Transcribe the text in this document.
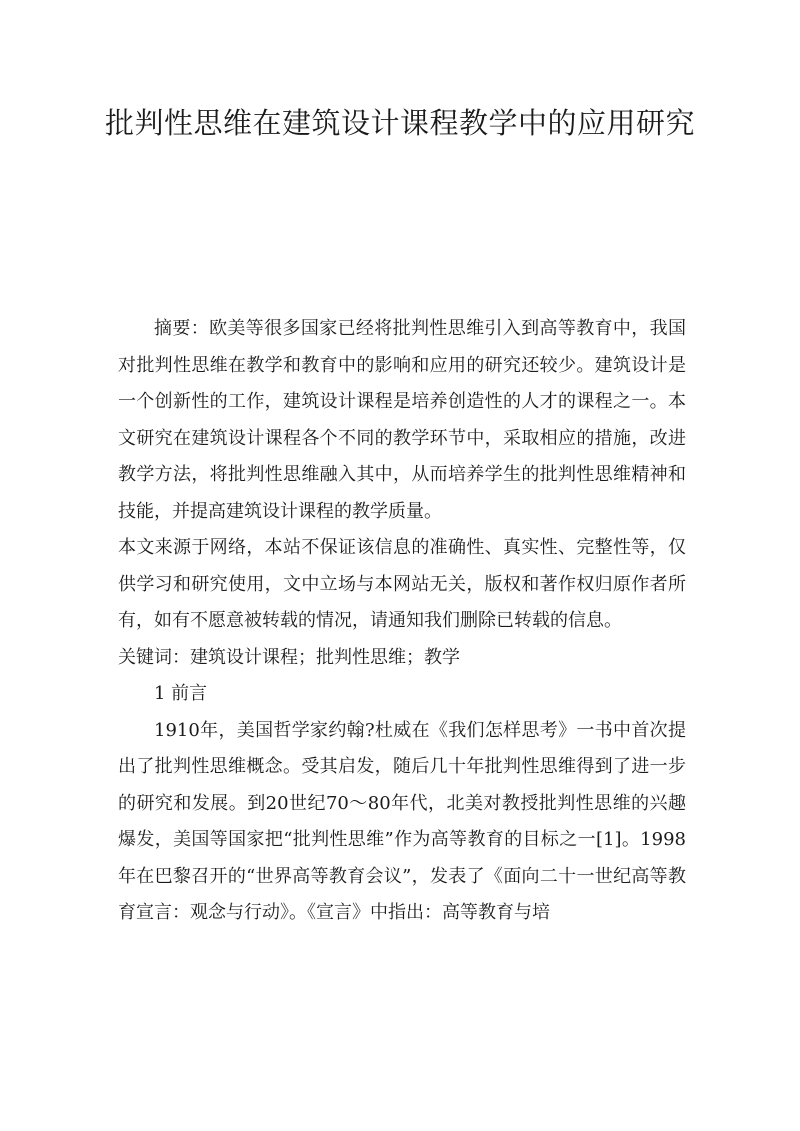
批判性思维在建筑设计课程教学中的应用研究

摘要：欧美等很多国家已经将批判性思维引入到高等教育中，我国对批判性思维在教学和教育中的影响和应用的研究还较少。建筑设计是一个创新性的工作，建筑设计课程是培养创造性的人才的课程之一。本文研究在建筑设计课程各个不同的教学环节中，采取相应的措施，改进教学方法，将批判性思维融入其中，从而培养学生的批判性思维精神和技能，并提高建筑设计课程的教学质量。

本文来源于网络，本站不保证该信息的准确性、真实性、完整性等，仅供学习和研究使用，文中立场与本网站无关，版权和著作权归原作者所有，如有不愿意被转载的情况，请通知我们删除已转载的信息。

关键词：建筑设计课程；批判性思维；教学

1 前言

1910年，美国哲学家约翰?杜威在《我们怎样思考》一书中首次提出了批判性思维概念。受其启发，随后几十年批判性思维得到了进一步的研究和发展。到20世纪70～80年代，北美对教授批判性思维的兴趣爆发，美国等国家把“批判性思维”作为高等教育的目标之一[1]。1998年在巴黎召开的“世界高等教育会议”，发表了《面向二十一世纪高等教育宣言：观念与行动》。《宣言》中指出：高等教育与培
